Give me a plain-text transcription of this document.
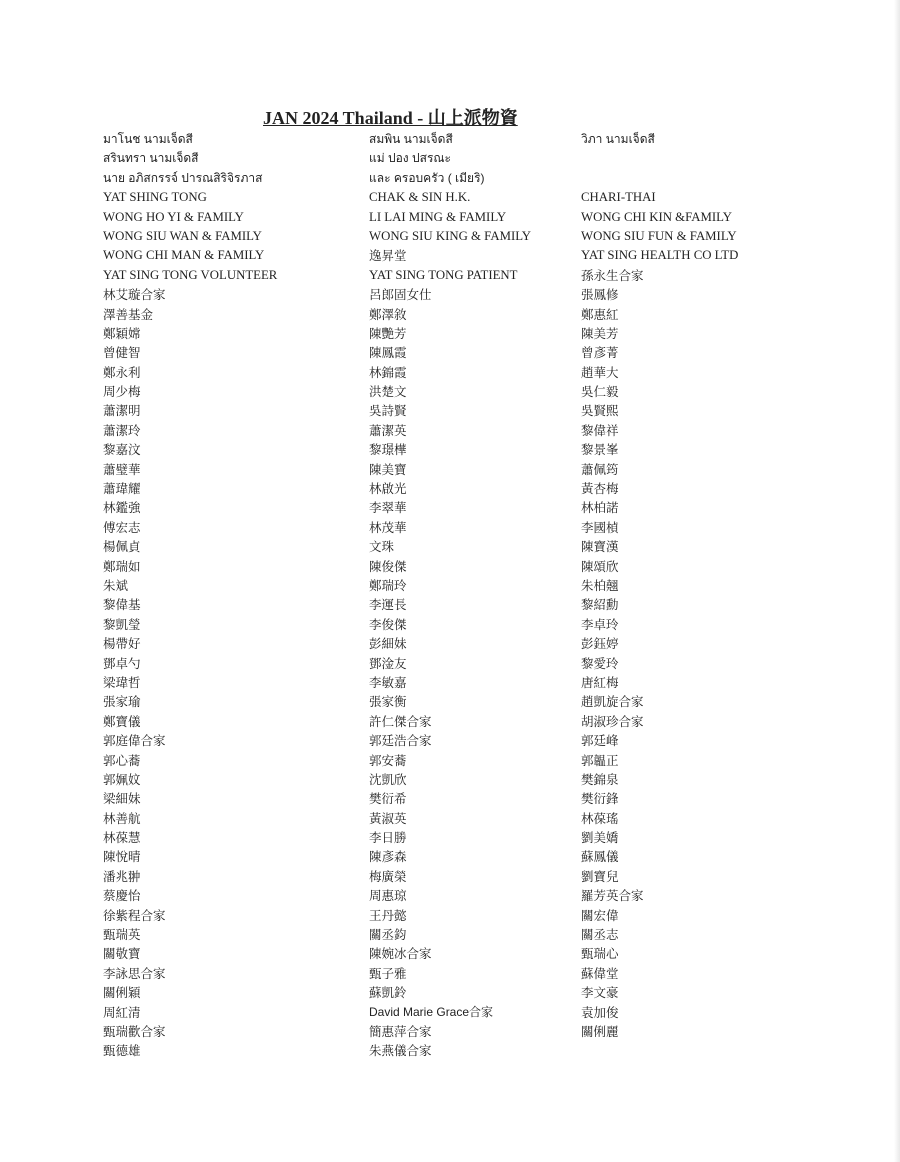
JAN 2024 Thailand - 山上派物資
มาโนช นามเจ็ดสี
สรินทรา นามเจ็ดสี
นาย อภิสกรรจ์ ปารณสิริจิรภาส
YAT SHING TONG
WONG HO YI & FAMILY
WONG SIU WAN & FAMILY
WONG CHI MAN & FAMILY
YAT SING TONG VOLUNTEER
林艾璇合家
澤善基金
鄭穎嫦
曾健智
鄭永利
周少梅
蕭潔明
蕭潔玲
黎嘉汶
蕭璧華
蕭瑋耀
林鑑強
傅宏志
楊佩貞
鄭瑞如
朱斌
黎偉基
黎凱瑩
楊帶好
鄧卓勺
梁瑋哲
張家瑜
鄭寶儀
郭庭偉合家
郭心蕎
郭姵妏
梁細妹
林善航
林葆慧
陳悅晴
潘兆翀
蔡慶怡
徐紫程合家
甄瑞英
關敬寶
李詠思合家
關俐穎
周紅清
甄瑞歡合家
甄德雄
สมพิน นามเจ็ดสี
แม่ ปอง ปสรณะ
และ ครอบครัว ( เมียริ)
CHAK & SIN H.K.
LI LAI MING & FAMILY
WONG SIU KING & FAMILY
逸昇堂
YAT SING TONG PATIENT
呂郎固女仕
鄭澤敘
陳艷芳
陳鳳霞
林錦霞
洪楚文
吳詩賢
蕭潔英
黎璟樺
陳美寶
林啟光
李翠華
林茂華
文珠
陳俊傑
鄭瑞玲
李運長
李俊傑
彭細妹
鄧淦友
李敏嘉
張家衡
許仁傑合家
郭廷浩合家
郭安蕎
沈凱欣
樊衍希
黃淑英
李日勝
陳彥森
梅廣榮
周惠琼
王丹懿
關丞鈞
陳婉冰合家
甄子雅
蘇凱鈴
David Marie Grace合家
簡惠萍合家
朱燕儀合家
วิภา นามเจ็ดสี
CHARI-THAI
WONG CHI KIN &FAMILY
WONG SIU FUN & FAMILY
YAT SING HEALTH CO LTD
孫永生合家
張鳳修
鄭惠紅
陳美芳
曾彥菁
趙華大
吳仁毅
吳賢熙
黎偉祥
黎景峯
蕭佩筠
黃杏梅
林柏諾
李國楨
陳寶漢
陳頌欣
朱柏翹
黎紹勳
李卓玲
彭鈺婷
黎愛玲
唐紅梅
趙凱旋合家
胡淑珍合家
郭廷峰
郭韞正
樊錦泉
樊衍鋒
林葆瑤
劉美嬌
蘇鳳儀
劉寶兒
羅芳英合家
關宏偉
關丞志
甄瑞心
蘇偉堂
李文豪
袁加俊
關俐麗
